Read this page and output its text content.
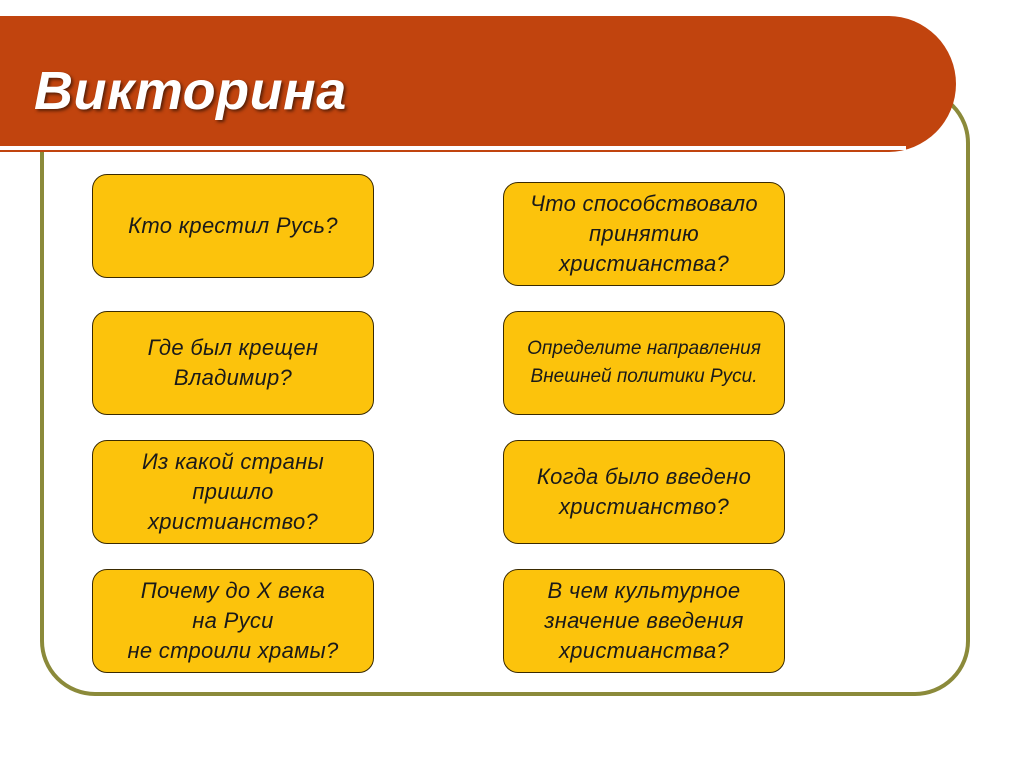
Викторина
Кто крестил Русь?
Где был крещен
Владимир?
Из какой страны
пришло
христианство?
Почему до X века
на Руси
не строили храмы?
Что способствовало
принятию
христианства?
Определите направления
Внешней политики Руси.
Когда было введено
христианство?
В чем культурное
значение введения
христианства?
